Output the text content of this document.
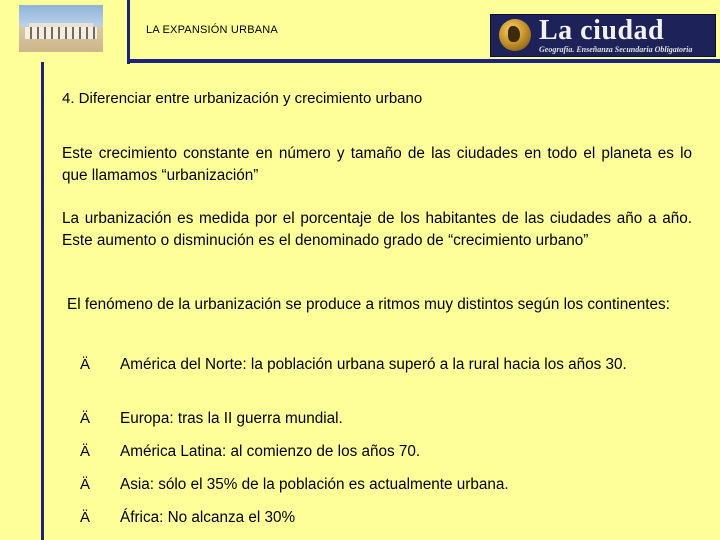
LA EXPANSIÓN URBANA	La ciudad
Geografía. Enseñanza Secundaria Obligatoria
4. Diferenciar entre urbanización y crecimiento urbano
Este crecimiento constante en número y tamaño de las ciudades en todo el planeta es lo que llamamos “urbanización”
La urbanización es medida por el porcentaje de los habitantes de las ciudades año a año. Este aumento o disminución es el denominado grado de “crecimiento urbano”
El fenómeno de la urbanización se produce a ritmos muy distintos según los continentes:
Ä	América del Norte: la población urbana superó a la rural hacia los años 30.
Ä	Europa: tras la II guerra mundial.
Ä	América Latina: al comienzo de los años 70.
Ä	Asia: sólo el 35% de la población es actualmente urbana.
Ä	África: No alcanza el 30%
